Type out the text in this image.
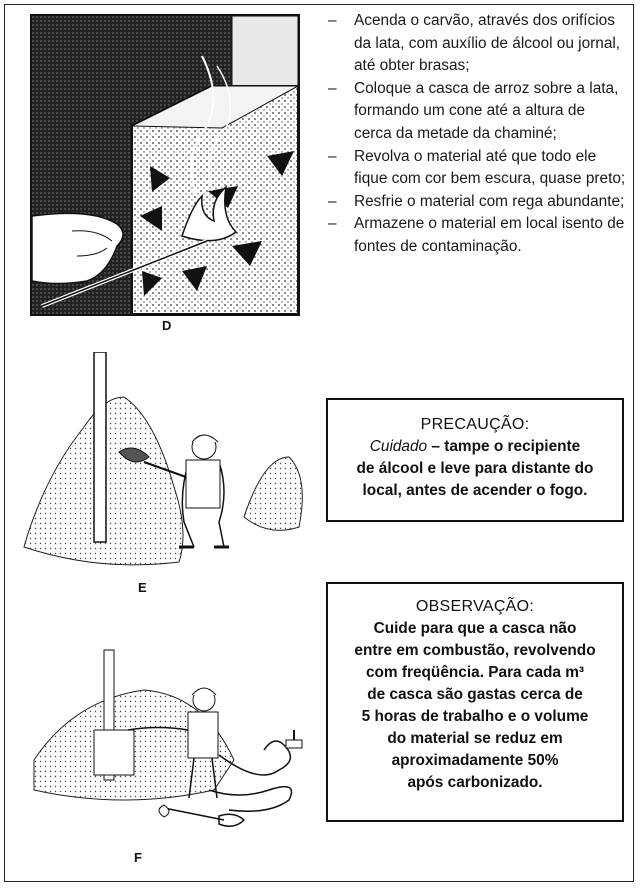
D
– Acenda o carvão, através dos orifícios da lata, com auxílio de álcool ou jornal, até obter brasas;
– Coloque a casca de arroz sobre a lata, formando um cone até a altura de cerca da metade da chaminé;
– Revolva o material até que todo ele fique com cor bem escura, quase preto;
– Resfrie o material com rega abundante;
– Armazene o material em local isento de fontes de contaminação.
E
F
PRECAUÇÃO:
Cuidado – tampe o recipiente
de álcool e leve para distante do
local, antes de acender o fogo.
OBSERVAÇÃO:
Cuide para que a casca não
entre em combustão, revolvendo
com freqüência. Para cada m³
de casca são gastas cerca de
5 horas de trabalho e o volume
do material se reduz em
aproximadamente 50%
após carbonizado.
